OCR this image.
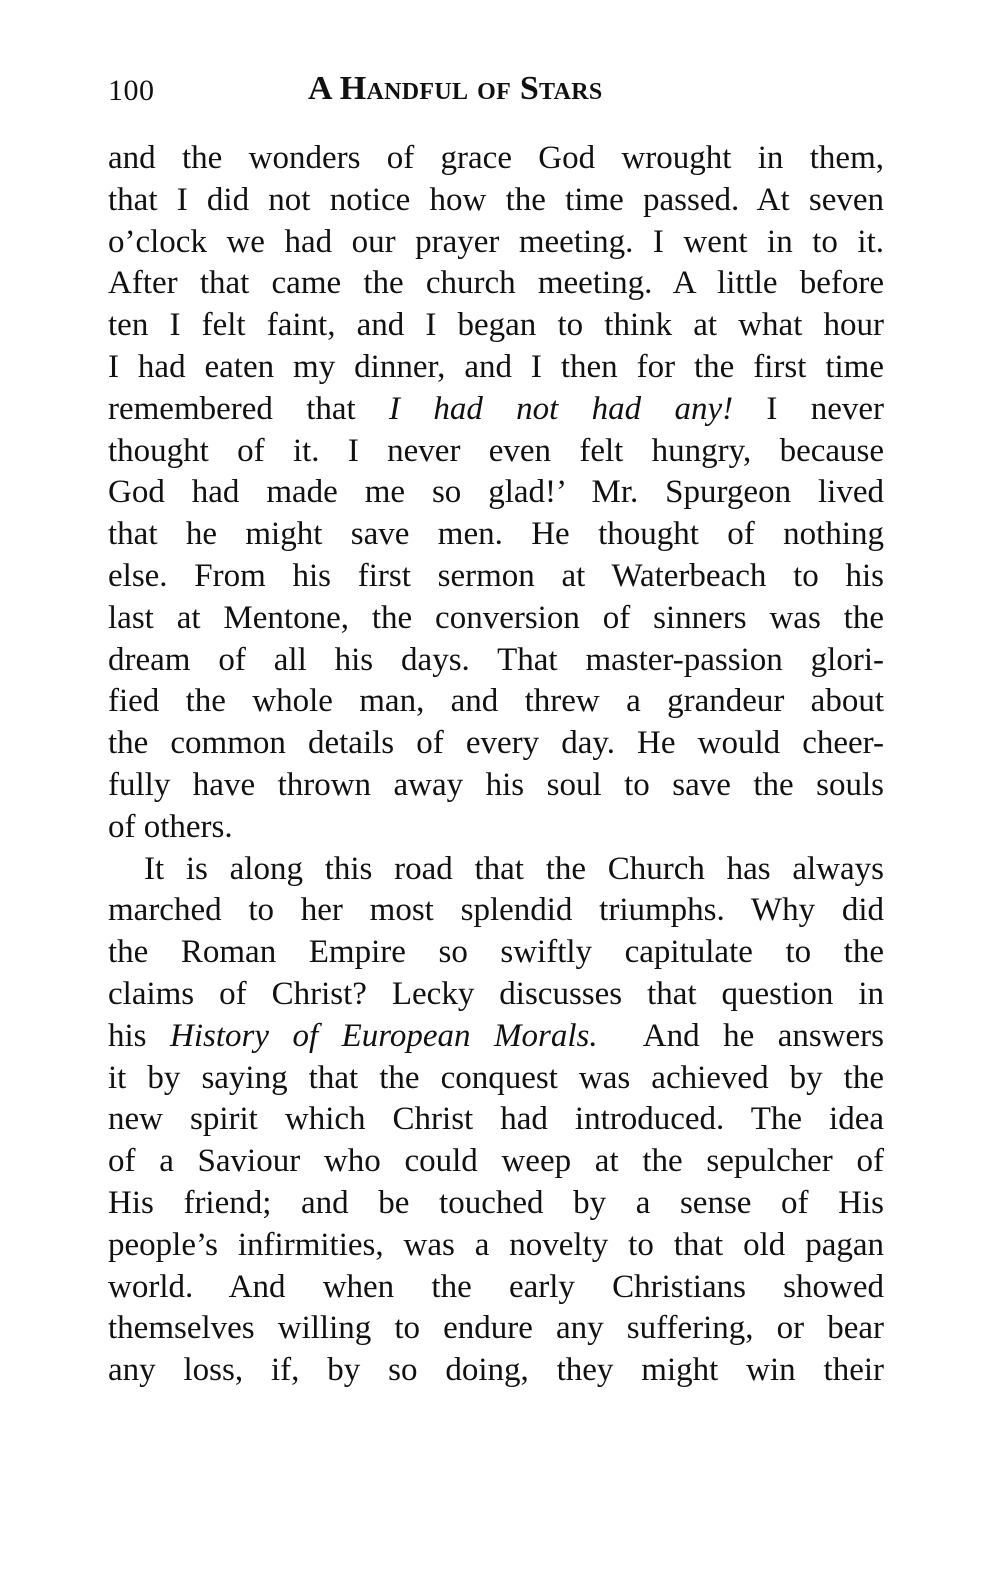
100	A Handful of Stars
and the wonders of grace God wrought in them,
that I did not notice how the time passed. At seven
o’clock we had our prayer meeting. I went in to it.
After that came the church meeting. A little before
ten I felt faint, and I began to think at what hour
I had eaten my dinner, and I then for the first time
remembered that I had not had any! I never
thought of it. I never even felt hungry, because
God had made me so glad!’ Mr. Spurgeon lived
that he might save men. He thought of nothing
else. From his first sermon at Waterbeach to his
last at Mentone, the conversion of sinners was the
dream of all his days. That master-passion glori-
fied the whole man, and threw a grandeur about
the common details of every day. He would cheer-
fully have thrown away his soul to save the souls
of others.
It is along this road that the Church has always
marched to her most splendid triumphs. Why did
the Roman Empire so swiftly capitulate to the
claims of Christ? Lecky discusses that question in
his History of European Morals.  And he answers
it by saying that the conquest was achieved by the
new spirit which Christ had introduced. The idea
of a Saviour who could weep at the sepulcher of
His friend; and be touched by a sense of His
people’s infirmities, was a novelty to that old pagan
world. And when the early Christians showed
themselves willing to endure any suffering, or bear
any loss, if, by so doing, they might win their
